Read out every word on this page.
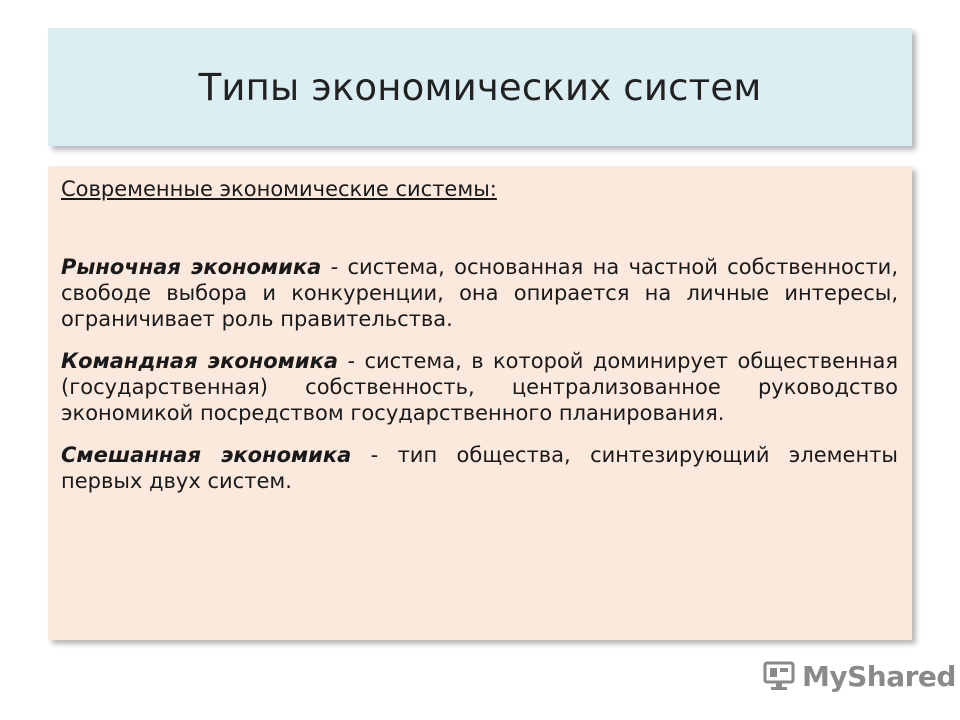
Типы экономических систем

Современные экономические системы:

Рыночная экономика - система, основанная на частной собственности, свободе выбора и конкуренции, она опирается на личные интересы, ограничивает роль правительства.

Командная экономика - система, в которой доминирует общественная (государственная) собственность, централизованное руководство экономикой посредством государственного планирования.

Смешанная экономика - тип общества, синтезирующий элементы первых двух систем.

MyShared
